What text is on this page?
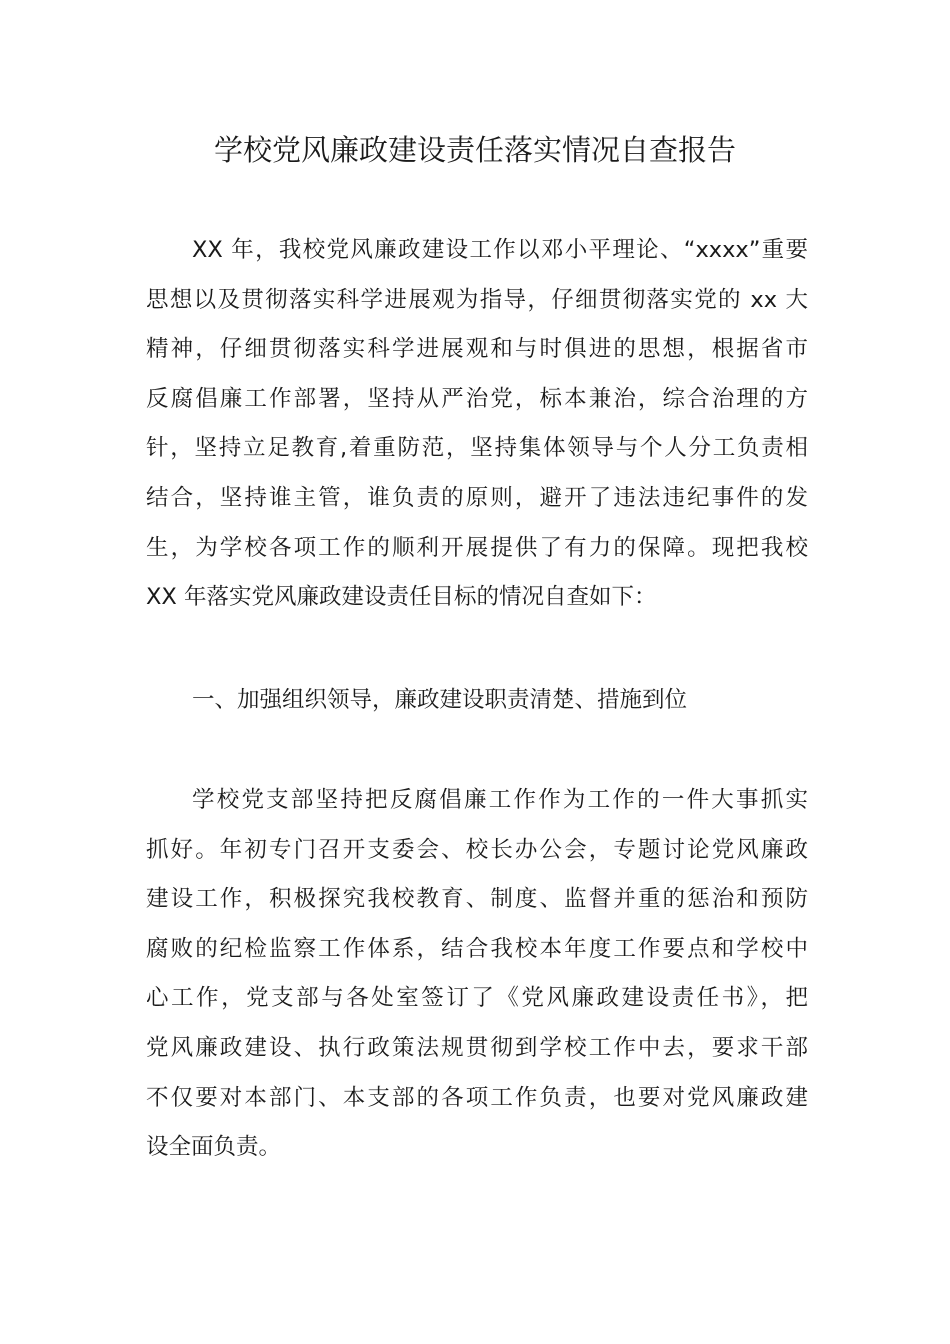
学校党风廉政建设责任落实情况自查报告
XX 年，我校党风廉政建设工作以邓小平理论、“xxxx”重要
思想以及贯彻落实科学进展观为指导，仔细贯彻落实党的 xx 大
精神，仔细贯彻落实科学进展观和与时俱进的思想，根据省市
反腐倡廉工作部署，坚持从严治党，标本兼治，综合治理的方
针，坚持立足教育,着重防范，坚持集体领导与个人分工负责相
结合，坚持谁主管，谁负责的原则，避开了违法违纪事件的发
生，为学校各项工作的顺利开展提供了有力的保障。现把我校
XX 年落实党风廉政建设责任目标的情况自查如下：
一、加强组织领导，廉政建设职责清楚、措施到位
学校党支部坚持把反腐倡廉工作作为工作的一件大事抓实
抓好。年初专门召开支委会、校长办公会，专题讨论党风廉政
建设工作，积极探究我校教育、制度、监督并重的惩治和预防
腐败的纪检监察工作体系，结合我校本年度工作要点和学校中
心工作，党支部与各处室签订了《党风廉政建设责任书》，把
党风廉政建设、执行政策法规贯彻到学校工作中去，要求干部
不仅要对本部门、本支部的各项工作负责，也要对党风廉政建
设全面负责。
